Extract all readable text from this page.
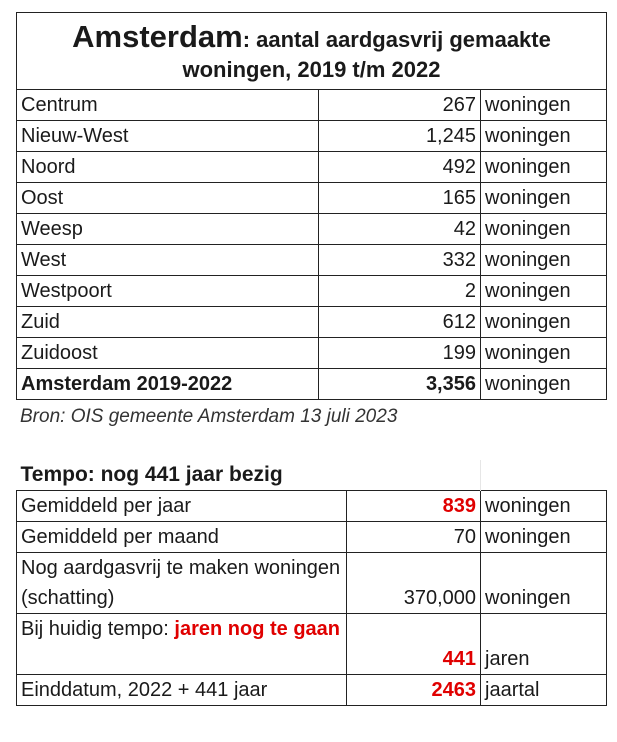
Amsterdam: aantal aardgasvrij gemaakte
woningen, 2019 t/m 2022		
Centrum	267	woningen
Nieuw-West	1,245	woningen
Noord	492	woningen
Oost	165	woningen
Weesp	42	woningen
West	332	woningen
Westpoort	2	woningen
Zuid	612	woningen
Zuidoost	199	woningen
Amsterdam 2019-2022	3,356	woningen
Bron: OIS gemeente Amsterdam 13 juli 2023
Tempo: nog 441 jaar bezig		
Gemiddeld per jaar	839	woningen
Gemiddeld per maand	70	woningen
Nog aardgasvrij te maken woningen (schatting)	370,000	woningen
Bij huidig tempo: jaren nog te gaan	441	jaren
Einddatum, 2022 + 441 jaar	2463	jaartal
